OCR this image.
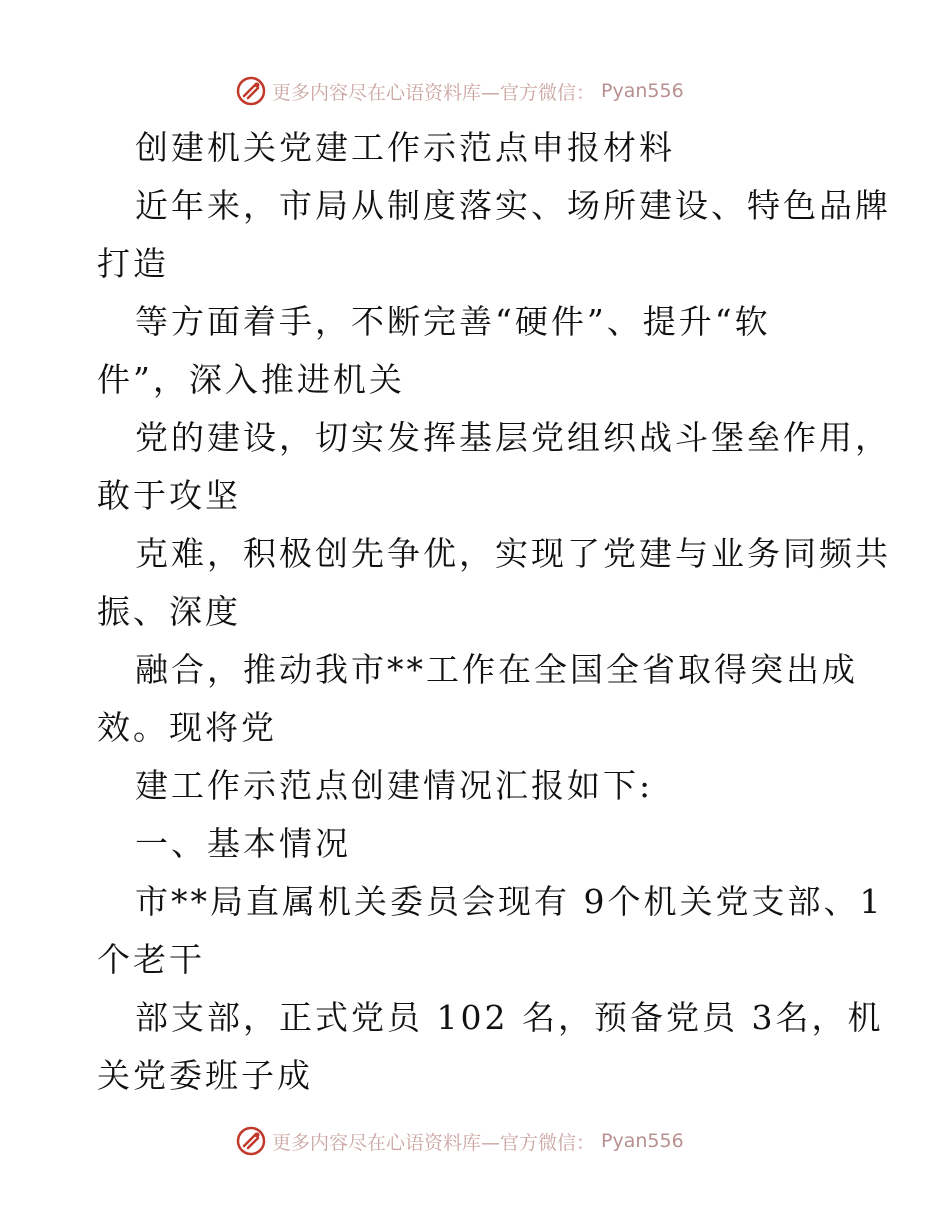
更多内容尽在心语资料库—官方微信： Pyan556
创建机关党建工作示范点申报材料
近年来，市局从制度落实、场所建设、特色品牌
打造
等方面着手，不断完善“硬件”、提升“软
件”，深入推进机关
党的建设，切实发挥基层党组织战斗堡垒作用，
敢于攻坚
克难，积极创先争优，实现了党建与业务同频共
振、深度
融合，推动我市**工作在全国全省取得突出成
效。现将党
建工作示范点创建情况汇报如下:
一、基本情况
市**局直属机关委员会现有 9个机关党支部、1
个老干
部支部，正式党员 102 名，预备党员 3名，机
关党委班子成
更多内容尽在心语资料库—官方微信： Pyan556
